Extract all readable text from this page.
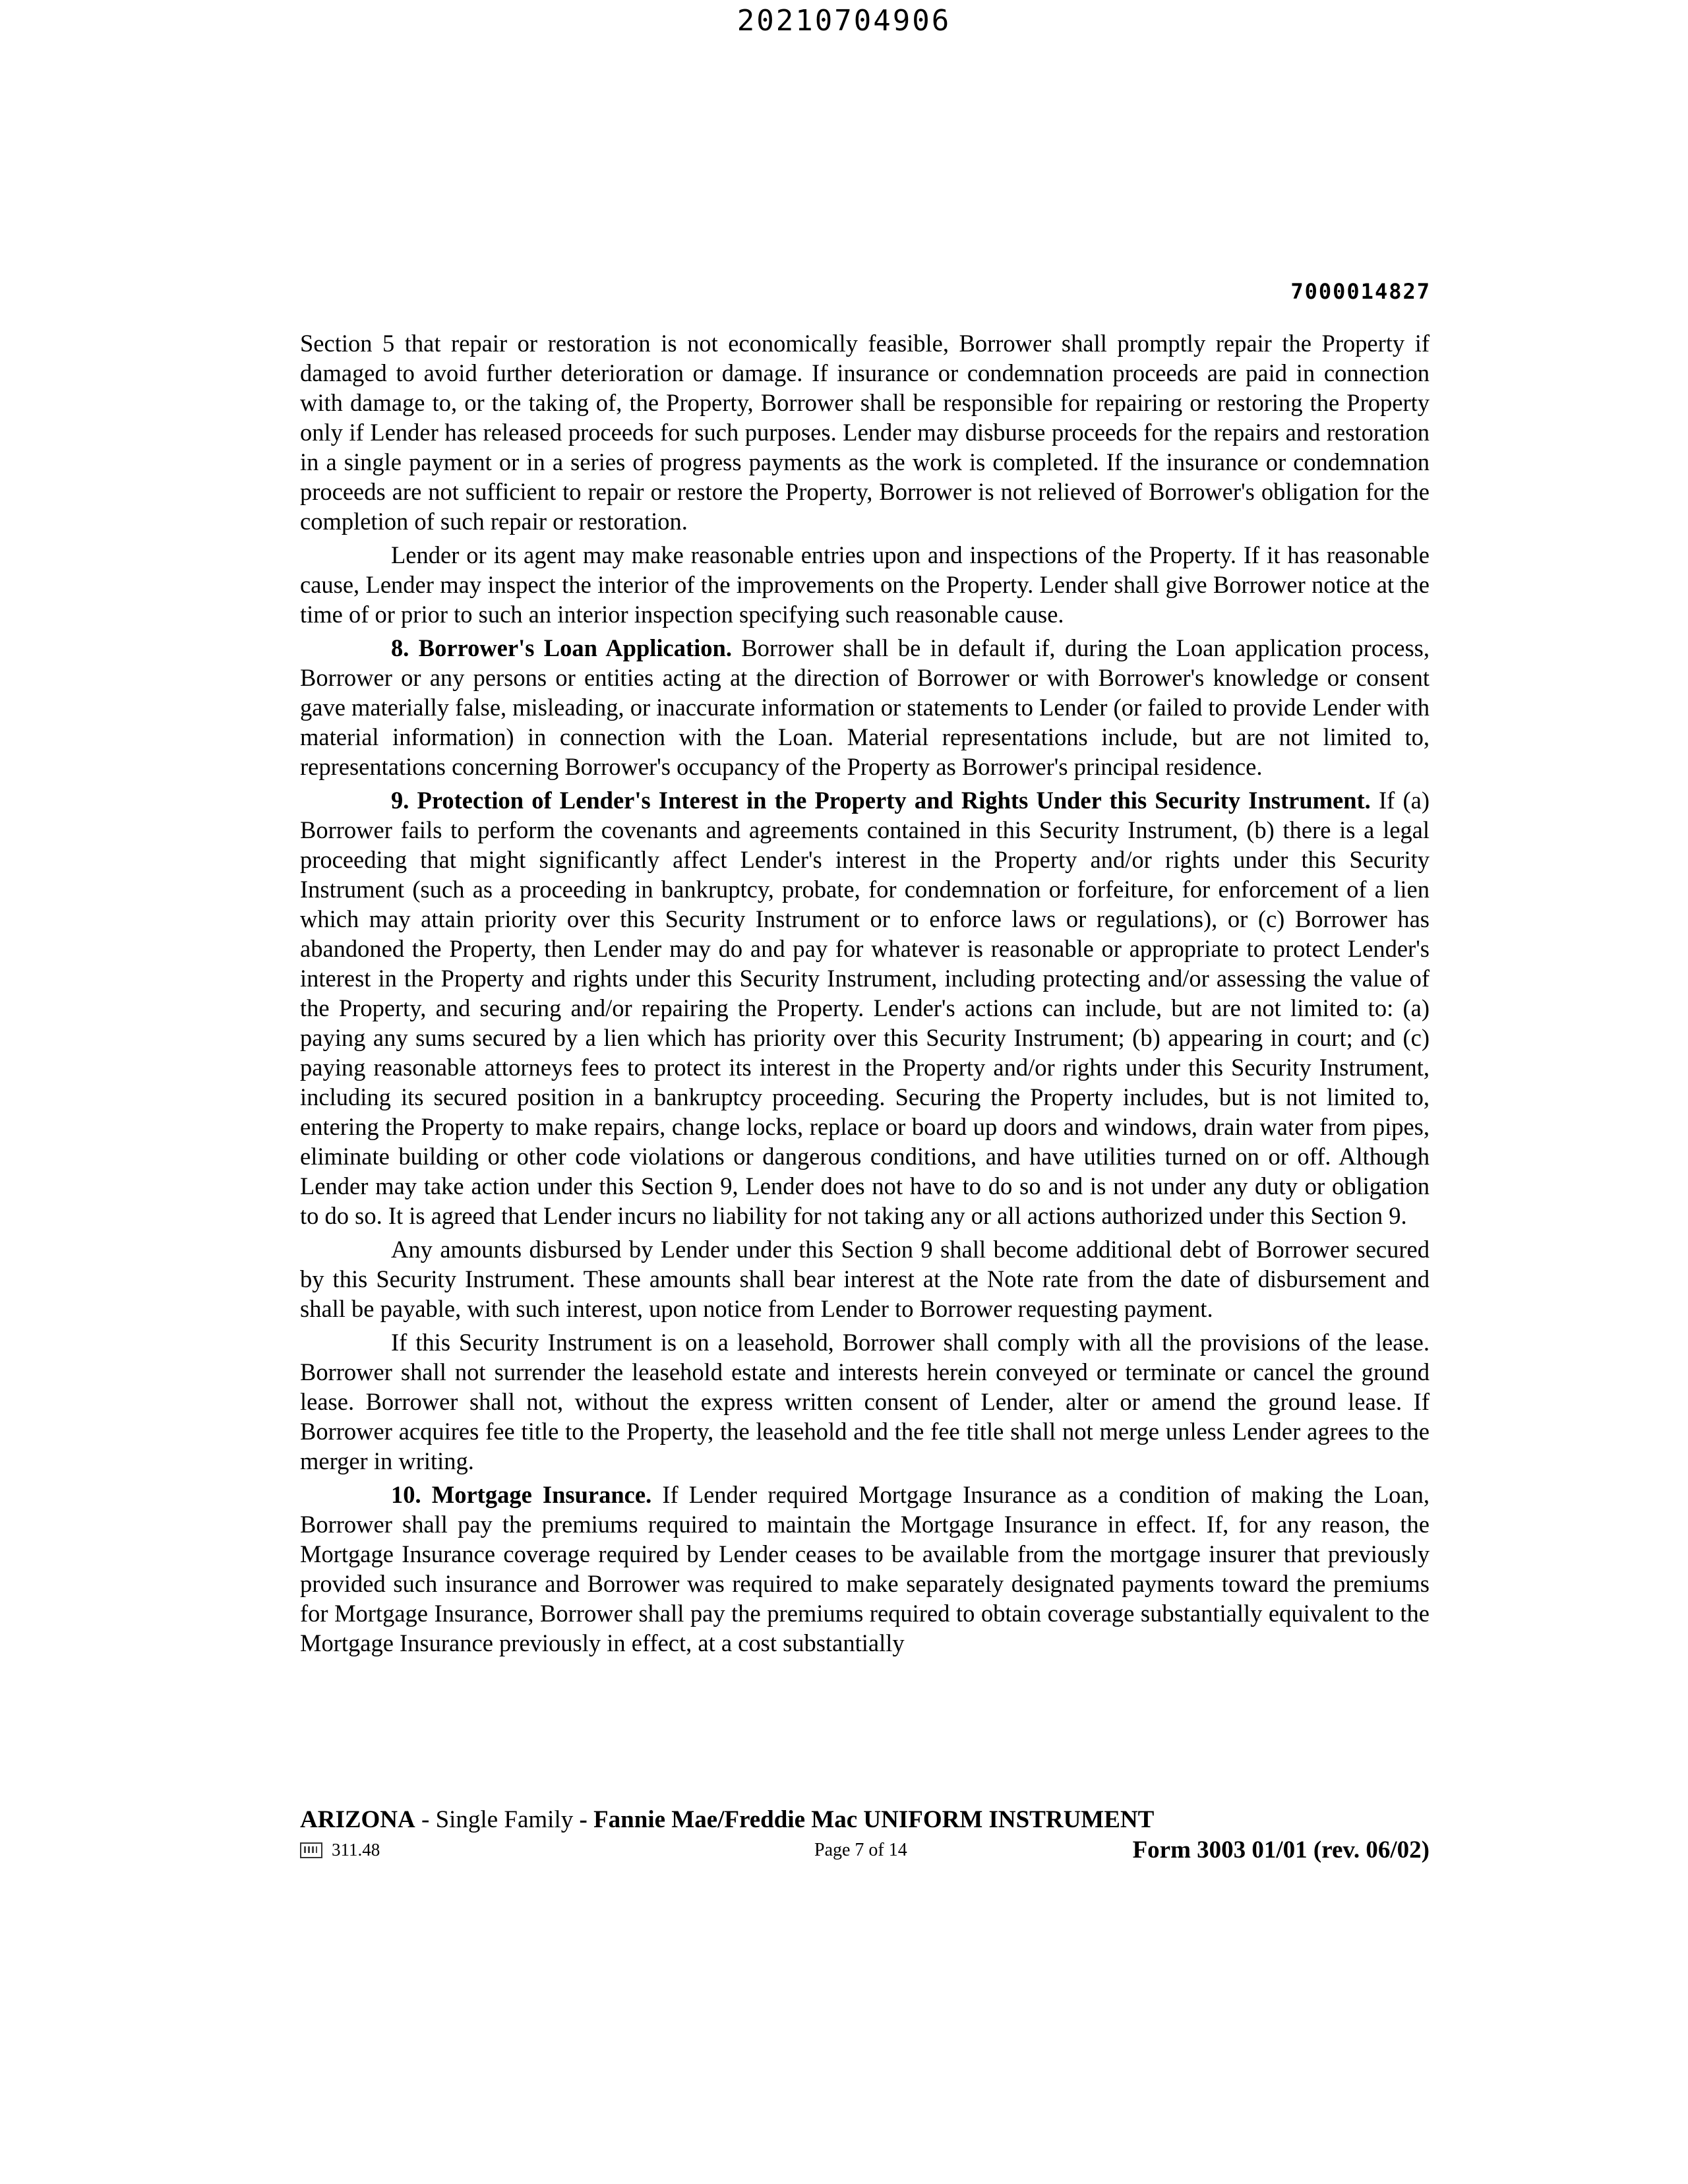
20210704906
7000014827

Section 5 that repair or restoration is not economically feasible, Borrower shall promptly repair the Property if damaged to avoid further deterioration or damage. If insurance or condemnation proceeds are paid in connection with damage to, or the taking of, the Property, Borrower shall be responsible for repairing or restoring the Property only if Lender has released proceeds for such purposes. Lender may disburse proceeds for the repairs and restoration in a single payment or in a series of progress payments as the work is completed. If the insurance or condemnation proceeds are not sufficient to repair or restore the Property, Borrower is not relieved of Borrower's obligation for the completion of such repair or restoration.

Lender or its agent may make reasonable entries upon and inspections of the Property. If it has reasonable cause, Lender may inspect the interior of the improvements on the Property. Lender shall give Borrower notice at the time of or prior to such an interior inspection specifying such reasonable cause.

8. Borrower's Loan Application. Borrower shall be in default if, during the Loan application process, Borrower or any persons or entities acting at the direction of Borrower or with Borrower's knowledge or consent gave materially false, misleading, or inaccurate information or statements to Lender (or failed to provide Lender with material information) in connection with the Loan. Material representations include, but are not limited to, representations concerning Borrower's occupancy of the Property as Borrower's principal residence.

9. Protection of Lender's Interest in the Property and Rights Under this Security Instrument. If (a) Borrower fails to perform the covenants and agreements contained in this Security Instrument, (b) there is a legal proceeding that might significantly affect Lender's interest in the Property and/or rights under this Security Instrument (such as a proceeding in bankruptcy, probate, for condemnation or forfeiture, for enforcement of a lien which may attain priority over this Security Instrument or to enforce laws or regulations), or (c) Borrower has abandoned the Property, then Lender may do and pay for whatever is reasonable or appropriate to protect Lender's interest in the Property and rights under this Security Instrument, including protecting and/or assessing the value of the Property, and securing and/or repairing the Property. Lender's actions can include, but are not limited to: (a) paying any sums secured by a lien which has priority over this Security Instrument; (b) appearing in court; and (c) paying reasonable attorneys fees to protect its interest in the Property and/or rights under this Security Instrument, including its secured position in a bankruptcy proceeding. Securing the Property includes, but is not limited to, entering the Property to make repairs, change locks, replace or board up doors and windows, drain water from pipes, eliminate building or other code violations or dangerous conditions, and have utilities turned on or off. Although Lender may take action under this Section 9, Lender does not have to do so and is not under any duty or obligation to do so. It is agreed that Lender incurs no liability for not taking any or all actions authorized under this Section 9.

Any amounts disbursed by Lender under this Section 9 shall become additional debt of Borrower secured by this Security Instrument. These amounts shall bear interest at the Note rate from the date of disbursement and shall be payable, with such interest, upon notice from Lender to Borrower requesting payment.

If this Security Instrument is on a leasehold, Borrower shall comply with all the provisions of the lease. Borrower shall not surrender the leasehold estate and interests herein conveyed or terminate or cancel the ground lease. Borrower shall not, without the express written consent of Lender, alter or amend the ground lease. If Borrower acquires fee title to the Property, the leasehold and the fee title shall not merge unless Lender agrees to the merger in writing.

10. Mortgage Insurance. If Lender required Mortgage Insurance as a condition of making the Loan, Borrower shall pay the premiums required to maintain the Mortgage Insurance in effect. If, for any reason, the Mortgage Insurance coverage required by Lender ceases to be available from the mortgage insurer that previously provided such insurance and Borrower was required to make separately designated payments toward the premiums for Mortgage Insurance, Borrower shall pay the premiums required to obtain coverage substantially equivalent to the Mortgage Insurance previously in effect, at a cost substantially

ARIZONA - Single Family - Fannie Mae/Freddie Mac UNIFORM INSTRUMENT
311.48	Page 7 of 14	Form 3003 01/01 (rev. 06/02)
